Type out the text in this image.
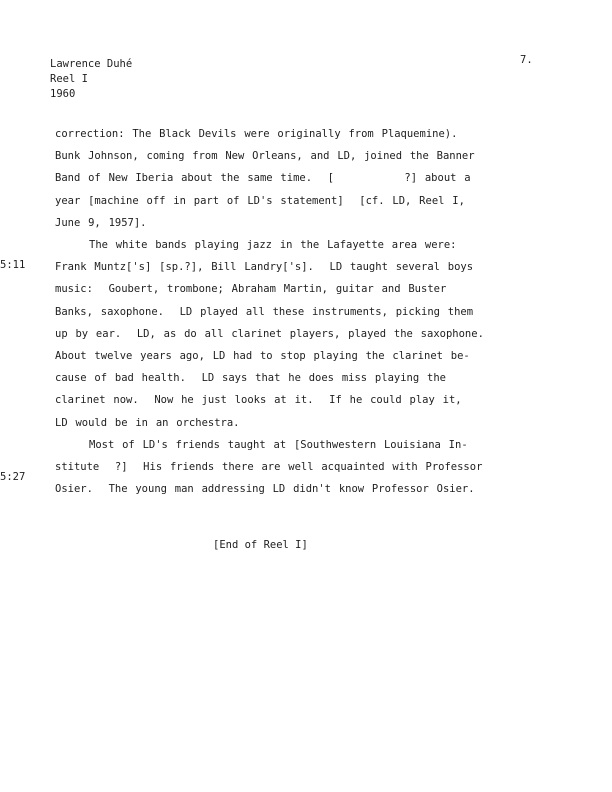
Lawrence Duhé
Reel I
1960
7.
5:11
5:27
correction: The Black Devils were originally from Plaquemine).
Bunk Johnson, coming from New Orleans, and LD, joined the Banner
Band of New Iberia about the same time.  [         ?] about a
year [machine off in part of LD's statement]  [cf. LD, Reel I,
June 9, 1957].
The white bands playing jazz in the Lafayette area were:
Frank Muntz['s] [sp.?], Bill Landry['s].  LD taught several boys
music:  Goubert, trombone; Abraham Martin, guitar and Buster
Banks, saxophone.  LD played all these instruments, picking them
up by ear.  LD, as do all clarinet players, played the saxophone.
About twelve years ago, LD had to stop playing the clarinet be-
cause of bad health.  LD says that he does miss playing the
clarinet now.  Now he just looks at it.  If he could play it,
LD would be in an orchestra.
Most of LD's friends taught at [Southwestern Louisiana In-
stitute  ?]  His friends there are well acquainted with Professor
Osier.  The young man addressing LD didn't know Professor Osier.
[End of Reel I]
